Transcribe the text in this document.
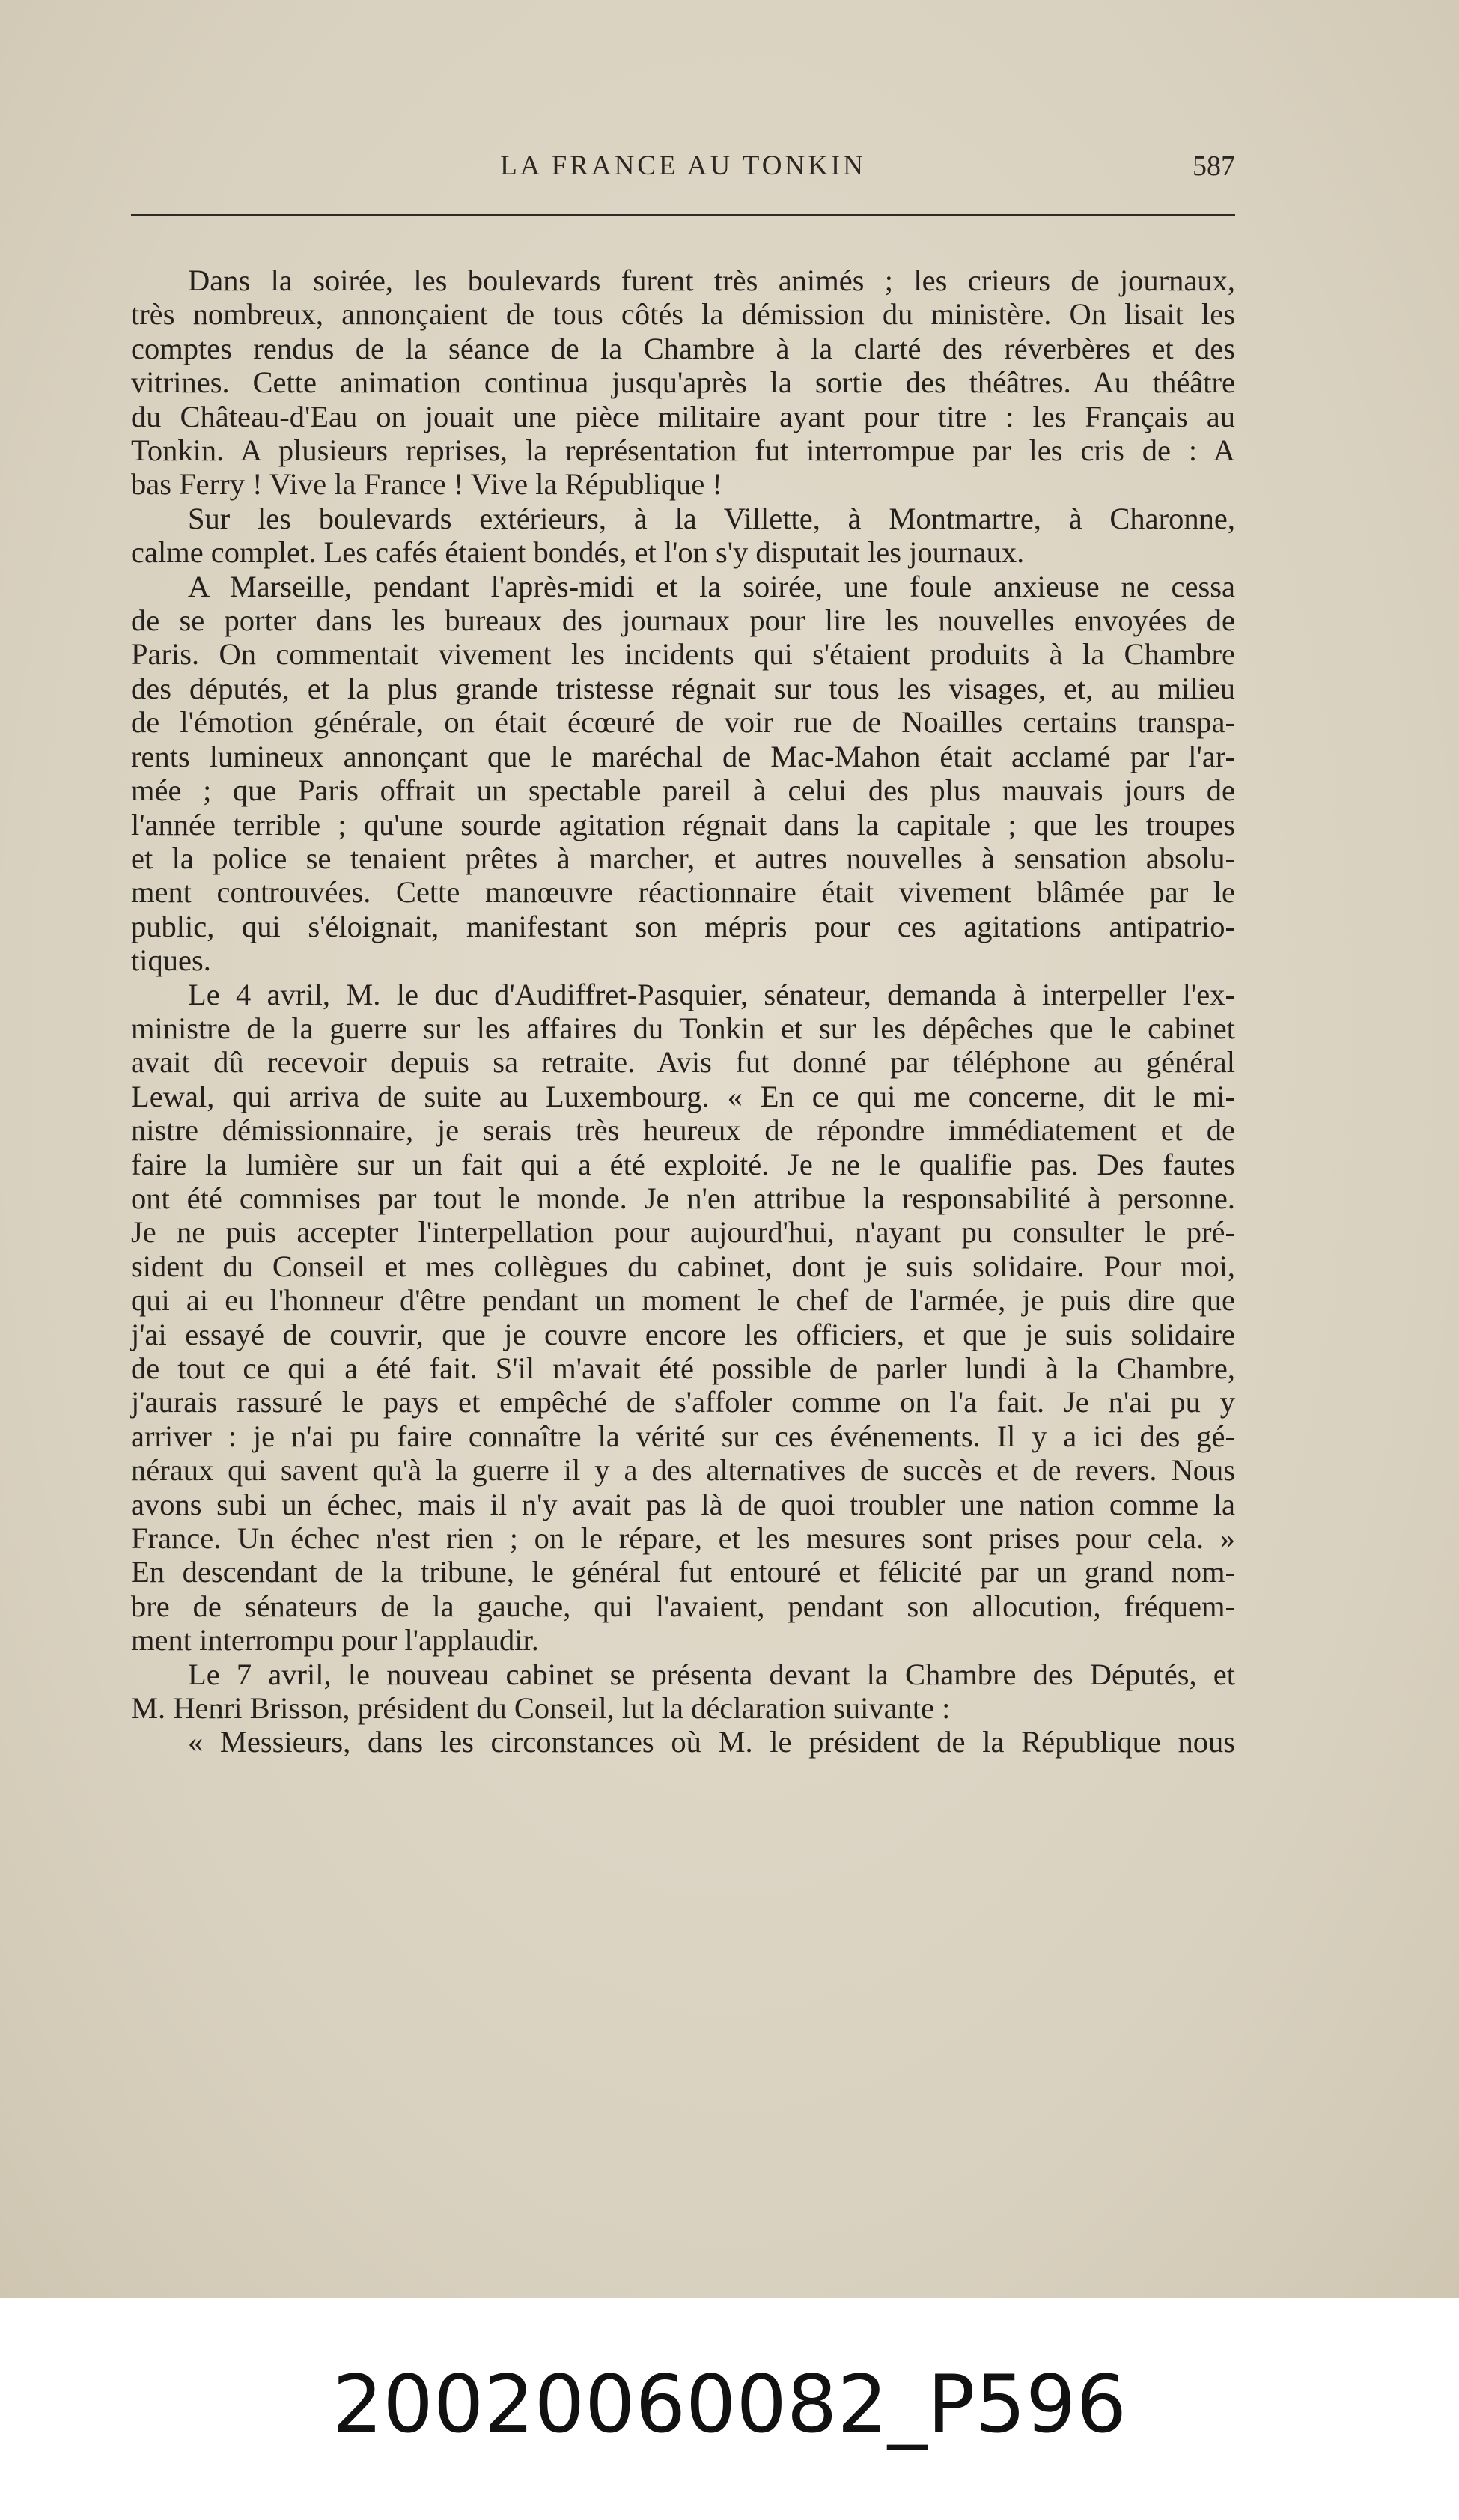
LA FRANCE AU TONKIN	587
Dans la soirée, les boulevards furent très animés ; les crieurs de journaux,
très nombreux, annonçaient de tous côtés la démission du ministère. On lisait les
comptes rendus de la séance de la Chambre à la clarté des réverbères et des
vitrines. Cette animation continua jusqu'après la sortie des théâtres. Au théâtre
du Château-d'Eau on jouait une pièce militaire ayant pour titre : les Français au
Tonkin. A plusieurs reprises, la représentation fut interrompue par les cris de : A
bas Ferry ! Vive la France ! Vive la République !
Sur les boulevards extérieurs, à la Villette, à Montmartre, à Charonne,
calme complet. Les cafés étaient bondés, et l'on s'y disputait les journaux.
A Marseille, pendant l'après-midi et la soirée, une foule anxieuse ne cessa
de se porter dans les bureaux des journaux pour lire les nouvelles envoyées de
Paris. On commentait vivement les incidents qui s'étaient produits à la Chambre
des députés, et la plus grande tristesse régnait sur tous les visages, et, au milieu
de l'émotion générale, on était écœuré de voir rue de Noailles certains transpa-
rents lumineux annonçant que le maréchal de Mac-Mahon était acclamé par l'ar-
mée ; que Paris offrait un spectable pareil à celui des plus mauvais jours de
l'année terrible ; qu'une sourde agitation régnait dans la capitale ; que les troupes
et la police se tenaient prêtes à marcher, et autres nouvelles à sensation absolu-
ment controuvées. Cette manœuvre réactionnaire était vivement blâmée par le
public, qui s'éloignait, manifestant son mépris pour ces agitations antipatrio-
tiques.
Le 4 avril, M. le duc d'Audiffret-Pasquier, sénateur, demanda à interpeller l'ex-
ministre de la guerre sur les affaires du Tonkin et sur les dépêches que le cabinet
avait dû recevoir depuis sa retraite. Avis fut donné par téléphone au général
Lewal, qui arriva de suite au Luxembourg. « En ce qui me concerne, dit le mi-
nistre démissionnaire, je serais très heureux de répondre immédiatement et de
faire la lumière sur un fait qui a été exploité. Je ne le qualifie pas. Des fautes
ont été commises par tout le monde. Je n'en attribue la responsabilité à personne.
Je ne puis accepter l'interpellation pour aujourd'hui, n'ayant pu consulter le pré-
sident du Conseil et mes collègues du cabinet, dont je suis solidaire. Pour moi,
qui ai eu l'honneur d'être pendant un moment le chef de l'armée, je puis dire que
j'ai essayé de couvrir, que je couvre encore les officiers, et que je suis solidaire
de tout ce qui a été fait. S'il m'avait été possible de parler lundi à la Chambre,
j'aurais rassuré le pays et empêché de s'affoler comme on l'a fait. Je n'ai pu y
arriver : je n'ai pu faire connaître la vérité sur ces événements. Il y a ici des gé-
néraux qui savent qu'à la guerre il y a des alternatives de succès et de revers. Nous
avons subi un échec, mais il n'y avait pas là de quoi troubler une nation comme la
France. Un échec n'est rien ; on le répare, et les mesures sont prises pour cela. »
En descendant de la tribune, le général fut entouré et félicité par un grand nom-
bre de sénateurs de la gauche, qui l'avaient, pendant son allocution, fréquem-
ment interrompu pour l'applaudir.
Le 7 avril, le nouveau cabinet se présenta devant la Chambre des Députés, et
M. Henri Brisson, président du Conseil, lut la déclaration suivante :
« Messieurs, dans les circonstances où M. le président de la République nous
20020060082_P596
